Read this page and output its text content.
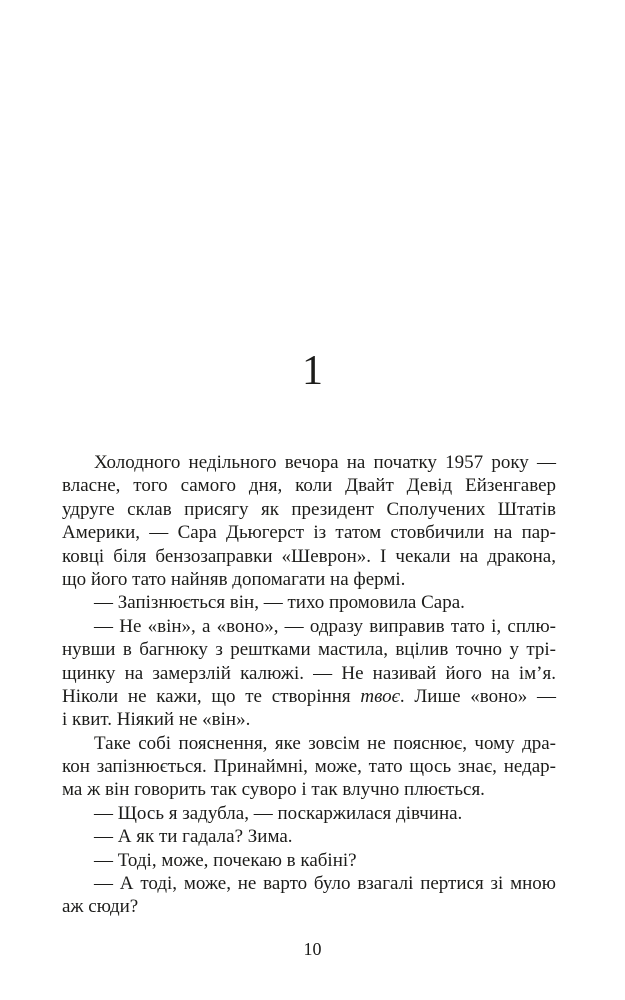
1
Холодного недільного вечора на початку 1957 року —
власне, того самого дня, коли Двайт Девід Ейзенгавер
удруге склав присягу як президент Сполучених Штатів
Америки, — Сара Дьюгерст із татом стовбичили на пар-
ковці біля бензозаправки «Шеврон». І чекали на дракона,
що його тато найняв допомагати на фермі.
— Запізнюється він, — тихо промовила Сара.
— Не «він», а «воно», — одразу виправив тато і, сплю-
нувши в багнюку з рештками мастила, вцілив точно у трі-
щинку на замерзлій калюжі. — Не називай його на ім’я.
Ніколи не кажи, що те створіння твоє. Лише «воно» —
і квит. Ніякий не «він».
Таке собі пояснення, яке зовсім не пояснює, чому дра-
кон запізнюється. Принаймні, може, тато щось знає, недар-
ма ж він говорить так суворо і так влучно плюється.
— Щось я задубла, — поскаржилася дівчина.
— А як ти гадала? Зима.
— Тоді, може, почекаю в кабіні?
— А тоді, може, не варто було взагалі пертися зі мною
аж сюди?
10
